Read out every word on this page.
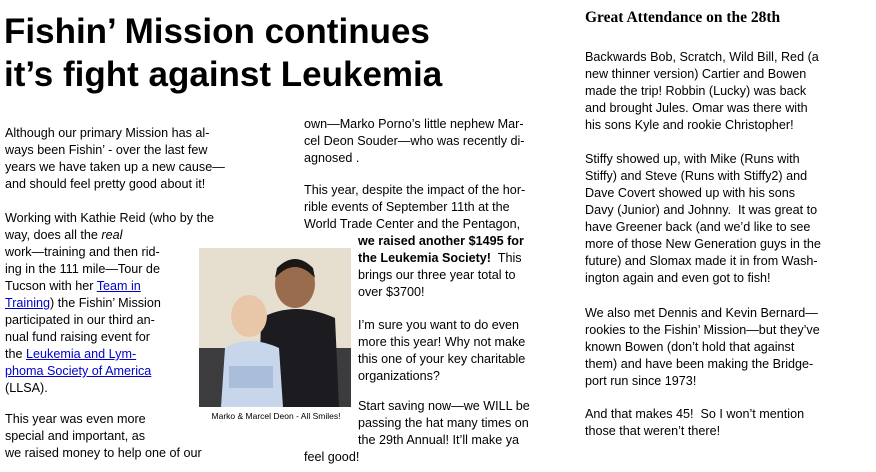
Fishin’ Mission continues
it’s fight against Leukemia

Although our primary Mission has al-
ways been Fishin’ - over the last few
years we have taken up a new cause—
and should feel pretty good about it!

Working with Kathie Reid (who by the
way, does all the real
work—training and then rid-
ing in the 111 mile—Tour de
Tucson with her Team in
Training) the Fishin’ Mission
participated in our third an-
nual fund raising event for
the Leukemia and Lym-
phoma Society of America
(LLSA).

This year was even more
special and important, as
we raised money to help one of our

Marko & Marcel Deon - All Smiles!

own—Marko Porno’s little nephew Mar-
cel Deon Souder—who was recently di-
agnosed .

This year, despite the impact of the hor-
rible events of September 11th at the
World Trade Center and the Pentagon,

we raised another $1495 for
the Leukemia Society!  This
brings our three year total to
over $3700!

I’m sure you want to do even
more this year! Why not make
this one of your key charitable
organizations?

Start saving now—we WILL be
passing the hat many times on
the 29th Annual! It’ll make ya

feel good!

Great Attendance on the 28th

Backwards Bob, Scratch, Wild Bill, Red (a
new thinner version) Cartier and Bowen
made the trip! Robbin (Lucky) was back
and brought Jules. Omar was there with
his sons Kyle and rookie Christopher!

Stiffy showed up, with Mike (Runs with
Stiffy) and Steve (Runs with Stiffy2) and
Dave Covert showed up with his sons
Davy (Junior) and Johnny.  It was great to
have Greener back (and we’d like to see
more of those New Generation guys in the
future) and Slomax made it in from Wash-
ington again and even got to fish!

We also met Dennis and Kevin Bernard—
rookies to the Fishin’ Mission—but they’ve
known Bowen (don’t hold that against
them) and have been making the Bridge-
port run since 1973!

And that makes 45!  So I won’t mention
those that weren’t there!
